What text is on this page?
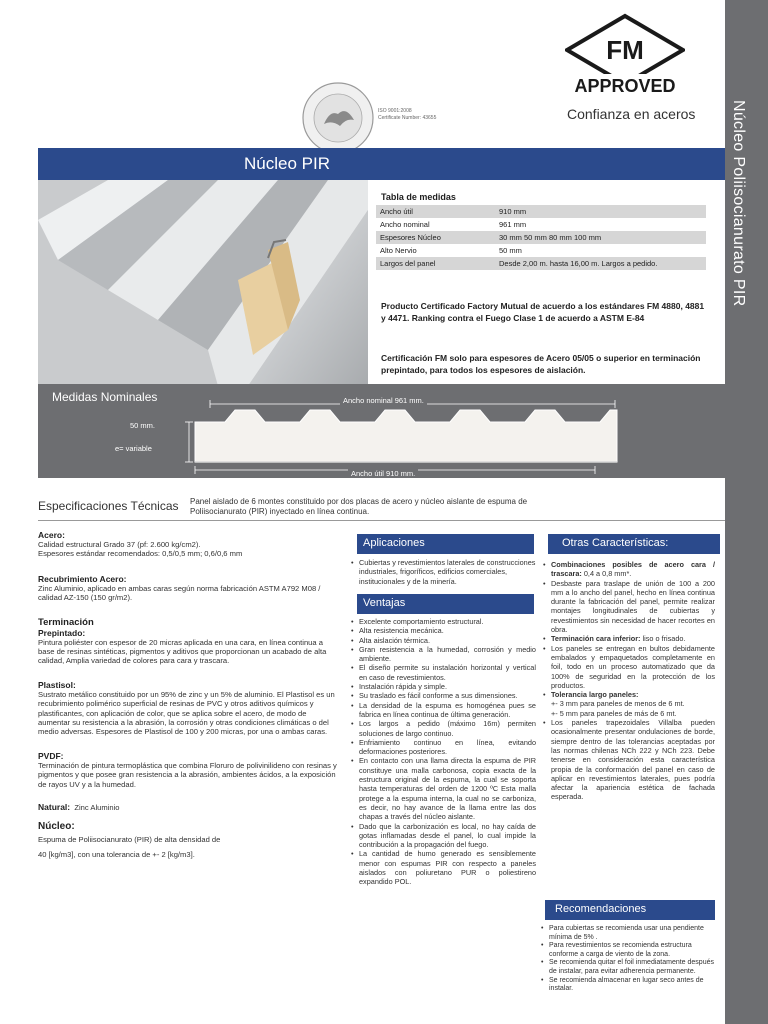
Núcleo Poliisocianurato PIR
ISO 9001:2008
Certificate Number: 43655
FM
APPROVED
Confianza en aceros
Núcleo PIR
Tabla de medidas
Ancho útil	910 mm
Ancho nominal	961 mm
Espesores Núcleo	30 mm 50 mm 80 mm 100 mm
Alto Nervio	50 mm
Largos del panel	Desde 2,00 m. hasta 16,00 m. Largos a pedido.
Producto Certificado Factory Mutual de acuerdo a los estándares FM 4880, 4881 y 4471. Ranking contra el Fuego Clase 1 de acuerdo a ASTM E-84
Certificación FM solo para espesores de Acero 05/05 o superior en terminación prepintado, para todos los espesores de aislación.
Medidas Nominales
50 mm.
e= variable
Ancho nominal 961 mm.
Ancho útil 910 mm.
Especificaciones Técnicas Panel aislado de 6 montes constituido por dos placas de acero y núcleo aislante de espuma de Poliisocianurato (PIR) inyectado en línea continua.
Acero:
Calidad estructural Grado 37 (pf: 2.600 kg/cm2).
Espesores estándar recomendados: 0,5/0,5 mm; 0,6/0,6 mm
Recubrimiento Acero:
Zinc Aluminio, aplicado en ambas caras según norma fabricación ASTM A792 M08 / calidad AZ-150 (150 gr/m2).
Terminación
Prepintado:
Pintura poliéster con espesor de 20 micras aplicada en una cara, en línea continua a base de resinas sintéticas, pigmentos y aditivos que proporcionan un acabado de alta calidad, Amplia variedad de colores para cara y trascara.
Plastisol:
Sustrato metálico constituido por un 95% de zinc y un 5% de aluminio. El Plastisol es un recubrimiento polimérico superficial de resinas de PVC y otros aditivos químicos y plastificantes, con aplicación de color, que se aplica sobre el acero, de modo de aumentar su resistencia a la abrasión, la corrosión y otras condiciones climáticas o del medio adversas. Espesores de Plastisol de 100 y 200 micras, por una o ambas caras.
PVDF:
Terminación de pintura termoplástica que combina Floruro de polivinilideno con resinas y pigmentos y que posee gran resistencia a la abrasión, ambientes ácidos, a la exposición de rayos UV y a la humedad.
Natural: Zinc Aluminio
Núcleo:
Espuma de Poliisocianurato (PIR) de alta densidad de
40 [kg/m3], con una tolerancia de +- 2 [kg/m3].
Aplicaciones
• Cubiertas y revestimientos laterales de construcciones industriales, frigoríficos, edificios comerciales, institucionales y de la minería.
Ventajas
• Excelente comportamiento estructural.
• Alta resistencia mecánica.
• Alta aislación térmica.
• Gran resistencia a la humedad, corrosión y medio ambiente.
• El diseño permite su instalación horizontal y vertical en caso de revestimientos.
• Instalación rápida y simple.
• Su traslado es fácil conforme a sus dimensiones.
• La densidad de la espuma es homogénea pues se fabrica en línea continua de última generación.
• Los largos a pedido (máximo 16m) permiten soluciones de largo continuo.
• Enfriamiento continuo en línea, evitando deformaciones posteriores.
• En contacto con una llama directa la espuma de PIR constituye una malla carbonosa, copia exacta de la estructura original de la espuma, la cual se soporta hasta temperaturas del orden de 1200 ºC Esta malla protege a la espuma interna, la cual no se carboniza, es decir, no hay avance de la llama entre las dos chapas a través del núcleo aislante.
• Dado que la carbonización es local, no hay caída de gotas inflamadas desde el panel, lo cual impide la contribución a la propagación del fuego.
• La cantidad de humo generado es sensiblemente menor con espumas PIR con respecto a paneles aislados con poliuretano PUR o poliestireno expandido POL.
Otras Características:
• Combinaciones posibles de acero cara / trascara: 0,4 a 0,8 mm*.
• Desbaste para traslape de unión de 100 a 200 mm a lo ancho del panel, hecho en línea continua durante la fabricación del panel, permite realizar montajes longitudinales de cubiertas y revestimientos sin necesidad de hacer recortes en obra.
• Terminación cara inferior: liso o frisado.
• Los paneles se entregan en bultos debidamente embalados y empaquetados completamente en foil, todo en un proceso automatizado que da 100% de seguridad en la protección de los productos.
• Tolerancia largo paneles:
+- 3 mm para paneles de menos de 6 mt.
+- 5 mm para paneles de más de 6 mt.
• Los paneles trapezoidales Villalba pueden ocasionalmente presentar ondulaciones de borde, siempre dentro de las tolerancias aceptadas por las normas chilenas NCh 222 y NCh 223. Debe tenerse en consideración esta característica propia de la conformación del panel en caso de aplicar en revestimientos laterales, pues podría afectar la apariencia estética de fachada esperada.
Recomendaciones
• Para cubiertas se recomienda usar una pendiente mínima de 5% .
• Para revestimientos se recomienda estructura conforme a carga de viento de la zona.
• Se recomienda quitar el foil inmediatamente después de instalar, para evitar adherencia permanente.
• Se recomienda almacenar en lugar seco antes de instalar.
